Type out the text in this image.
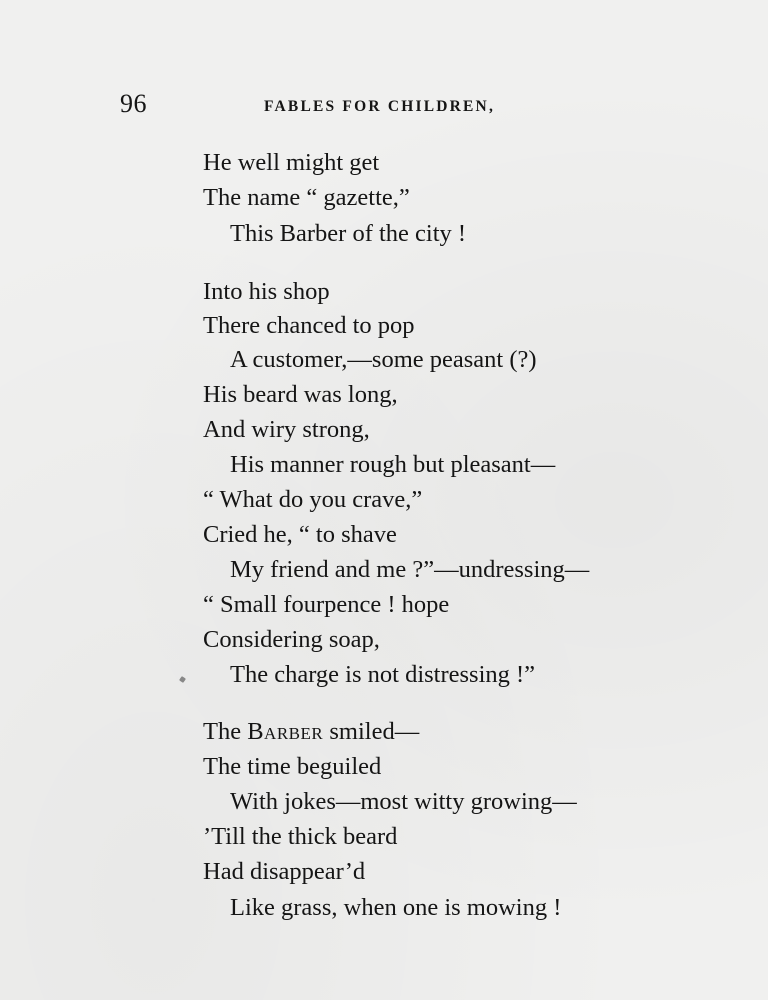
96	FABLES FOR CHILDREN,
He well might get
The name “ gazette,”
This Barber of the city !
Into his shop
There chanced to pop
A customer,—some peasant (?)
His beard was long,
And wiry strong,
His manner rough but pleasant—
“ What do you crave,”
Cried he, “ to shave
My friend and me ?”—undressing—
“ Small fourpence ! hope
Considering soap,
The charge is not distressing !”
The Barber smiled—
The time beguiled
With jokes—most witty growing—
’Till the thick beard
Had disappear’d
Like grass, when one is mowing !
